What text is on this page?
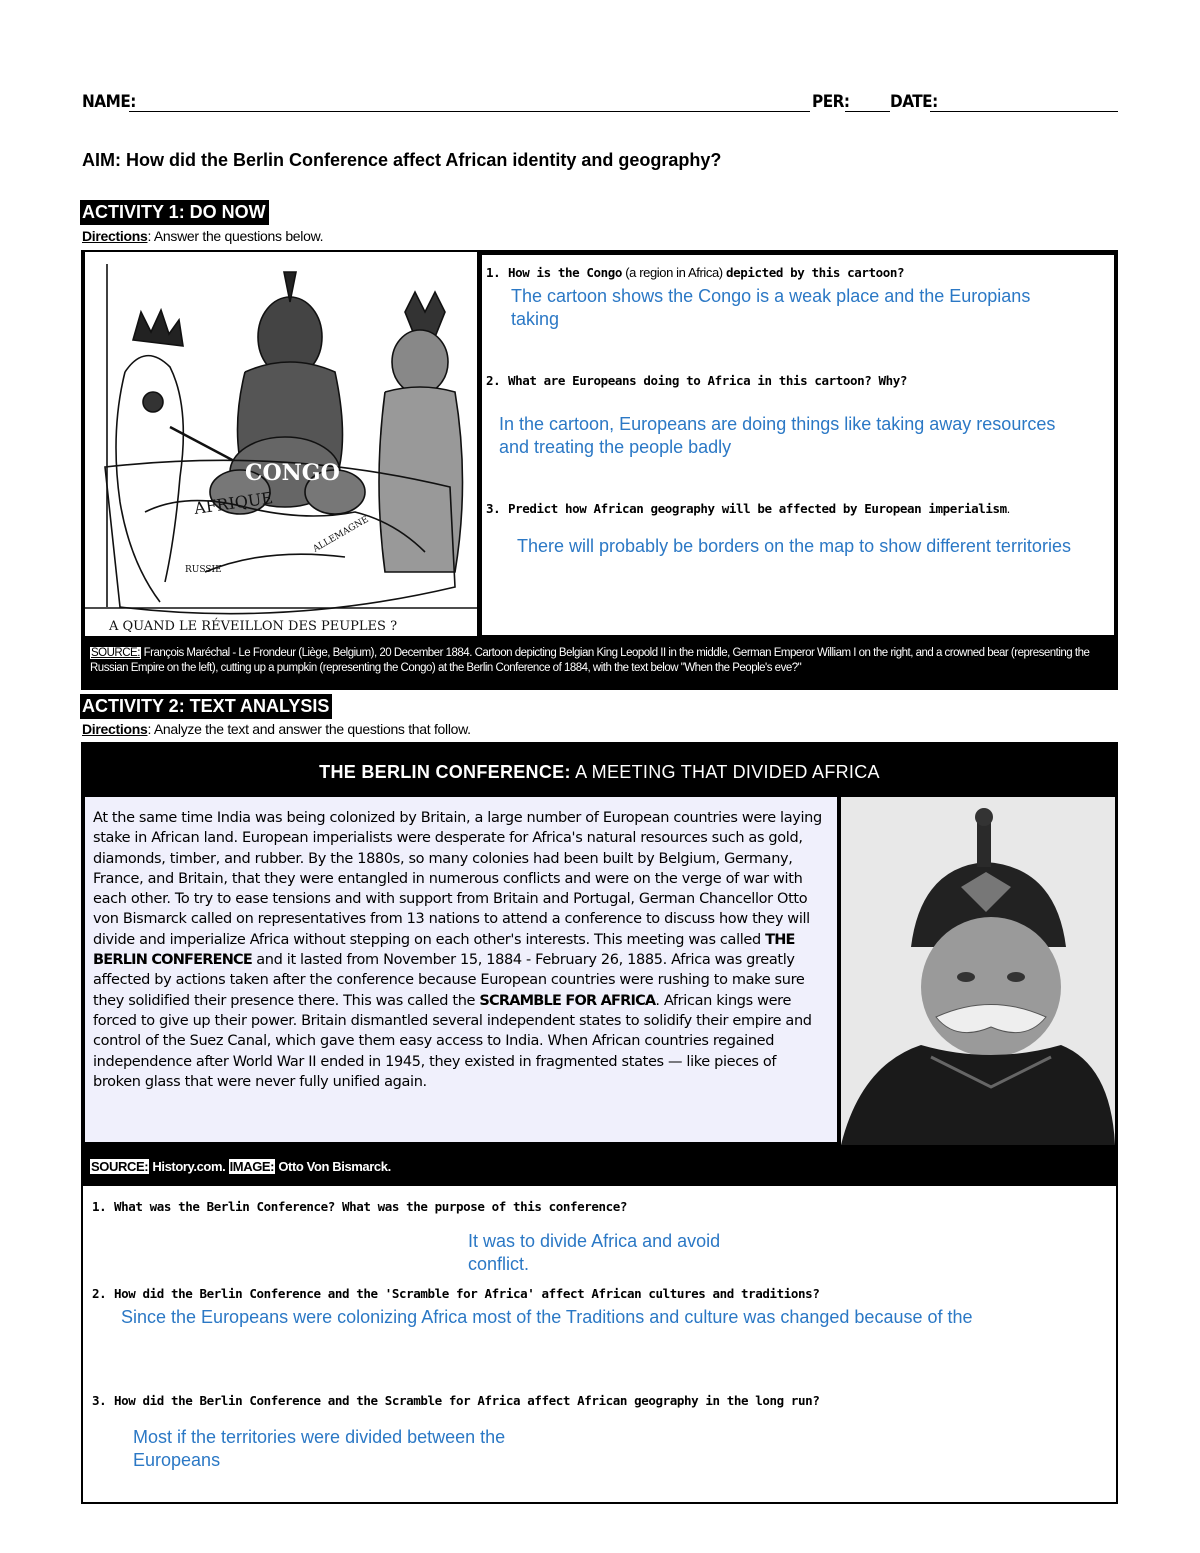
NAME:	PER: DATE:
AIM: How did the Berlin Conference affect African identity and geography?
ACTIVITY 1: DO NOW
Directions: Answer the questions below.
CONGO
AFRIQUE
RUSSIE
ALLEMAGNE
A QUAND LE RÉVEILLON DES PEUPLES ?
1. How is the Congo (a region in Africa) depicted by this cartoon?
The cartoon shows the Congo is a weak place and the Europians taking
2. What are Europeans doing to Africa in this cartoon? Why?
In the cartoon, Europeans are doing things like taking away resources and treating the people badly
3. Predict how African geography will be affected by European imperialism.
There will probably be borders on the map to show different territories
SOURCE: François Maréchal - Le Frondeur (Liège, Belgium), 20 December 1884. Cartoon depicting Belgian King Leopold II in the middle, German Emperor William I on the right, and a crowned bear (representing the Russian Empire on the left), cutting up a pumpkin (representing the Congo) at the Berlin Conference of 1884, with the text below "When the People's eve?"
ACTIVITY 2: TEXT ANALYSIS
Directions: Analyze the text and answer the questions that follow.
THE BERLIN CONFERENCE: A MEETING THAT DIVIDED AFRICA

At the same time India was being colonized by Britain, a large number of European countries were laying stake in African land. European imperialists were desperate for Africa's natural resources such as gold, diamonds, timber, and rubber. By the 1880s, so many colonies had been built by Belgium, Germany, France, and Britain, that they were entangled in numerous conflicts and were on the verge of war with each other. To try to ease tensions and with support from Britain and Portugal, German Chancellor Otto von Bismarck called on representatives from 13 nations to attend a conference to discuss how they will divide and imperialize Africa without stepping on each other's interests. This meeting was called THE BERLIN CONFERENCE and it lasted from November 15, 1884 - February 26, 1885. Africa was greatly affected by actions taken after the conference because European countries were rushing to make sure they solidified their presence there. This was called the SCRAMBLE FOR AFRICA. African kings were forced to give up their power. Britain dismantled several independent states to solidify their empire and control of the Suez Canal, which gave them easy access to India. When African countries regained independence after World War II ended in 1945, they existed in fragmented states — like pieces of broken glass that were never fully unified again.

SOURCE: History.com. IMAGE: Otto Von Bismarck.
1. What was the Berlin Conference? What was the purpose of this conference?
It was to divide Africa and avoid conflict.
2. How did the Berlin Conference and the 'Scramble for Africa' affect African cultures and traditions?
Since the Europeans were colonizing Africa most of the Traditions and culture was changed because of the
3. How did the Berlin Conference and the Scramble for Africa affect African geography in the long run?
Most if the territories were divided between the Europeans
